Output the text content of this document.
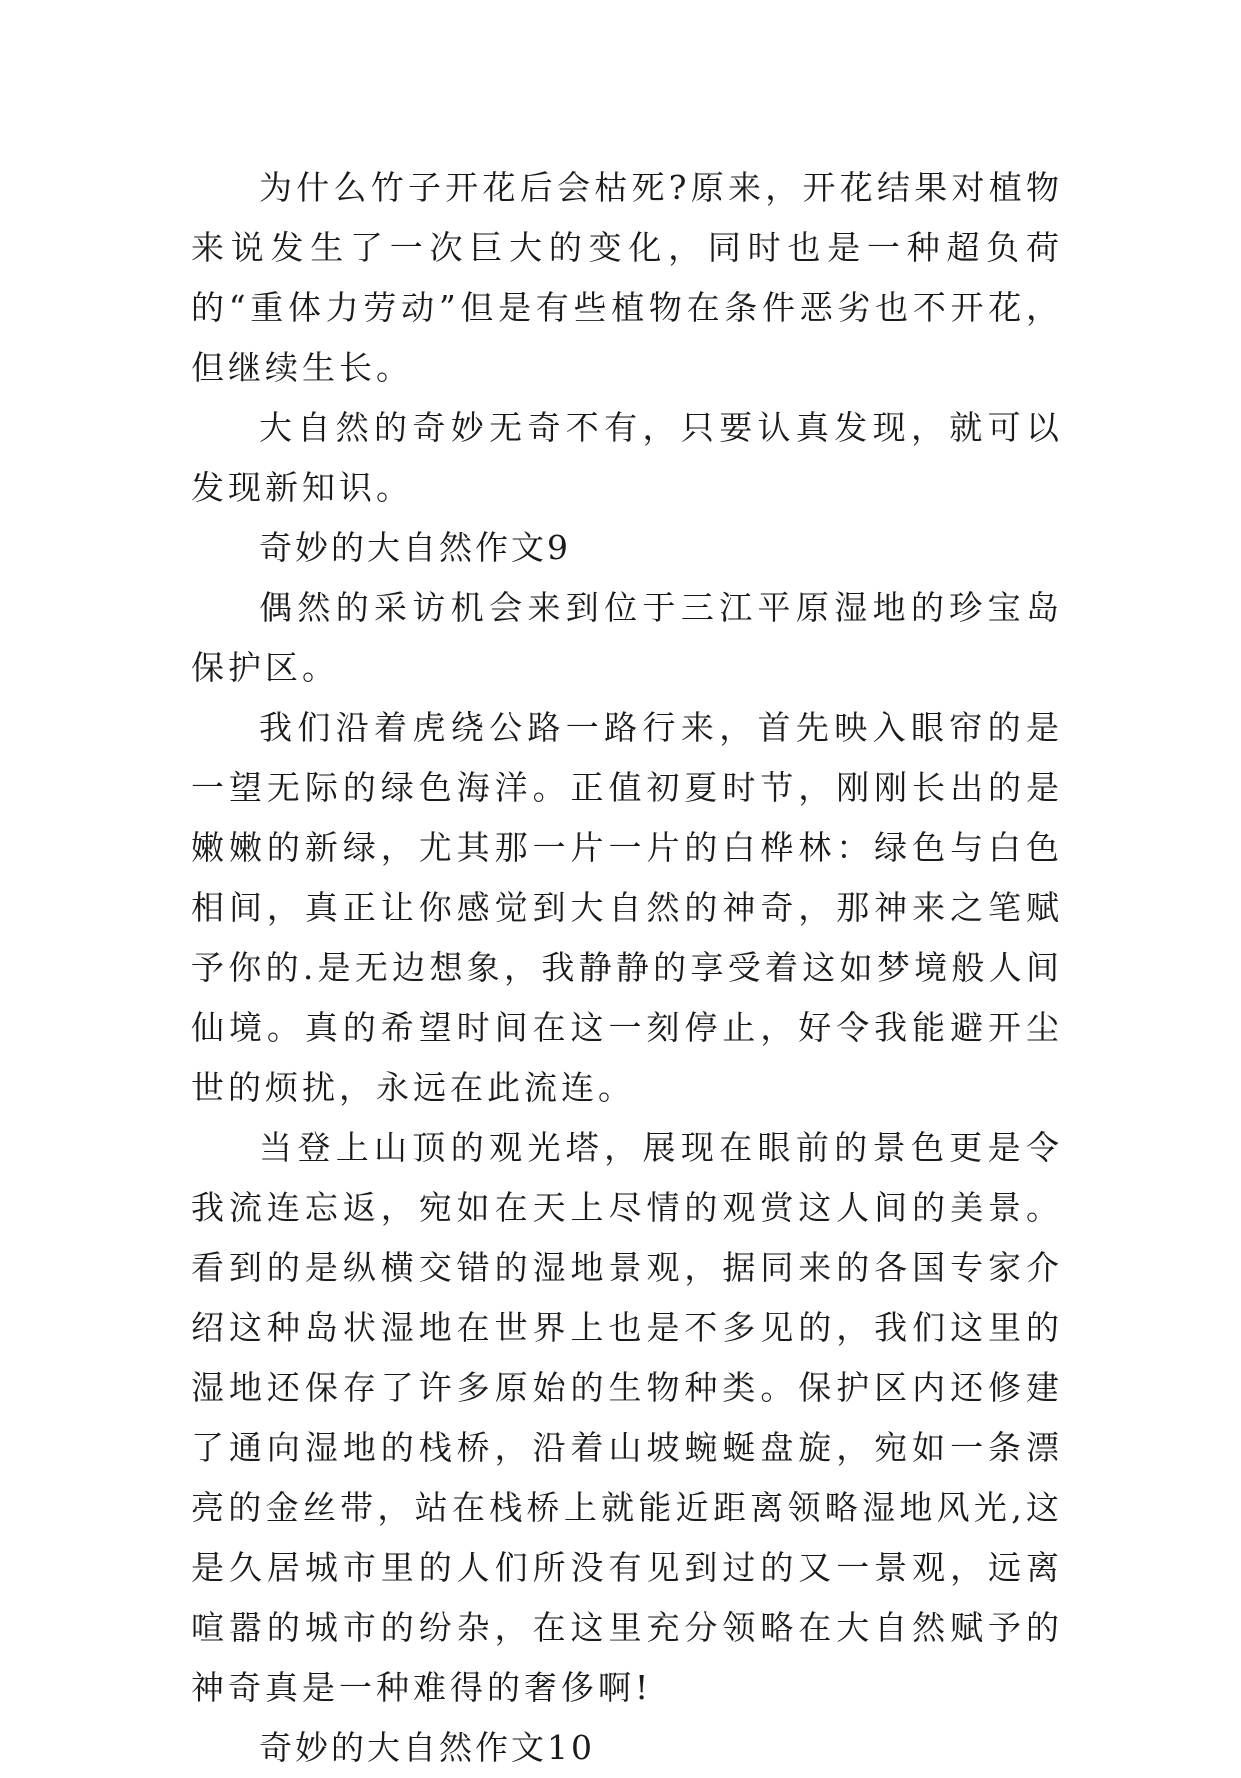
为什么竹子开花后会枯死?原来，开花结果对植物来说发生了一次巨大的变化，同时也是一种超负荷的“重体力劳动”但是有些植物在条件恶劣也不开花，但继续生长。

大自然的奇妙无奇不有，只要认真发现，就可以发现新知识。

奇妙的大自然作文9

偶然的采访机会来到位于三江平原湿地的珍宝岛保护区。

我们沿着虎绕公路一路行来，首先映入眼帘的是一望无际的绿色海洋。正值初夏时节，刚刚长出的是嫩嫩的新绿，尤其那一片一片的白桦林：绿色与白色相间，真正让你感觉到大自然的神奇，那神来之笔赋予你的.是无边想象，我静静的享受着这如梦境般人间仙境。真的希望时间在这一刻停止，好令我能避开尘世的烦扰，永远在此流连。

当登上山顶的观光塔，展现在眼前的景色更是令我流连忘返，宛如在天上尽情的观赏这人间的美景。看到的是纵横交错的湿地景观，据同来的各国专家介绍这种岛状湿地在世界上也是不多见的，我们这里的湿地还保存了许多原始的生物种类。保护区内还修建了通向湿地的栈桥，沿着山坡蜿蜒盘旋，宛如一条漂亮的金丝带，站在栈桥上就能近距离领略湿地风光,这是久居城市里的人们所没有见到过的又一景观，远离喧嚣的城市的纷杂，在这里充分领略在大自然赋予的神奇真是一种难得的奢侈啊!

奇妙的大自然作文10
